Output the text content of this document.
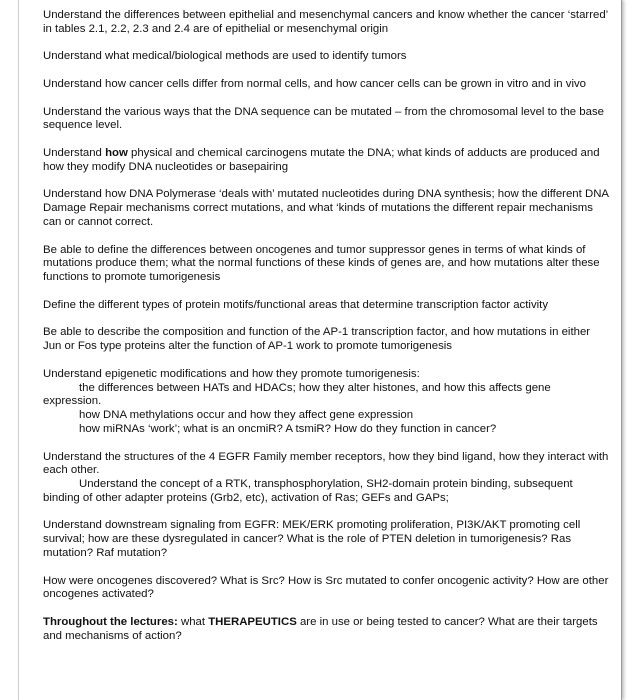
Understand the differences between epithelial and mesenchymal cancers and know whether the cancer ‘starred’ in tables 2.1, 2.2, 2.3 and 2.4 are of epithelial or mesenchymal origin

Understand what medical/biological methods are used to identify tumors

Understand how cancer cells differ from normal cells, and how cancer cells can be grown in vitro and in vivo

Understand the various ways that the DNA sequence can be mutated – from the chromosomal level to the base sequence level.

Understand how physical and chemical carcinogens mutate the DNA; what kinds of adducts are produced and how they modify DNA nucleotides or basepairing

Understand how DNA Polymerase ‘deals with’ mutated nucleotides during DNA synthesis; how the different DNA Damage Repair mechanisms correct mutations, and what ‘kinds of mutations the different repair mechanisms can or cannot correct.

Be able to define the differences between oncogenes and tumor suppressor genes in terms of what kinds of mutations produce them; what the normal functions of these kinds of genes are, and how mutations alter these functions to promote tumorigenesis

Define the different types of protein motifs/functional areas that determine transcription factor activity

Be able to describe the composition and function of the AP-1 transcription factor, and how mutations in either Jun or Fos type proteins alter the function of AP-1 work to promote tumorigenesis

Understand epigenetic modifications and how they promote tumorigenesis:
the differences between HATs and HDACs; how they alter histones, and how this affects gene expression.
how DNA methylations occur and how they affect gene expression
how miRNAs ‘work’; what is an oncmiR? A tsmiR? How do they function in cancer?
Understand the structures of the 4 EGFR Family member receptors, how they bind ligand, how they interact with each other.
Understand the concept of a RTK, transphosphorylation, SH2-domain protein binding, subsequent binding of other adapter proteins (Grb2, etc), activation of Ras; GEFs and GAPs;

Understand downstream signaling from EGFR: MEK/ERK promoting proliferation, PI3K/AKT promoting cell survival; how are these dysregulated in cancer? What is the role of PTEN deletion in tumorigenesis? Ras mutation? Raf mutation?

How were oncogenes discovered? What is Src? How is Src mutated to confer oncogenic activity? How are other oncogenes activated?

Throughout the lectures: what THERAPEUTICS are in use or being tested to cancer? What are their targets and mechanisms of action?
